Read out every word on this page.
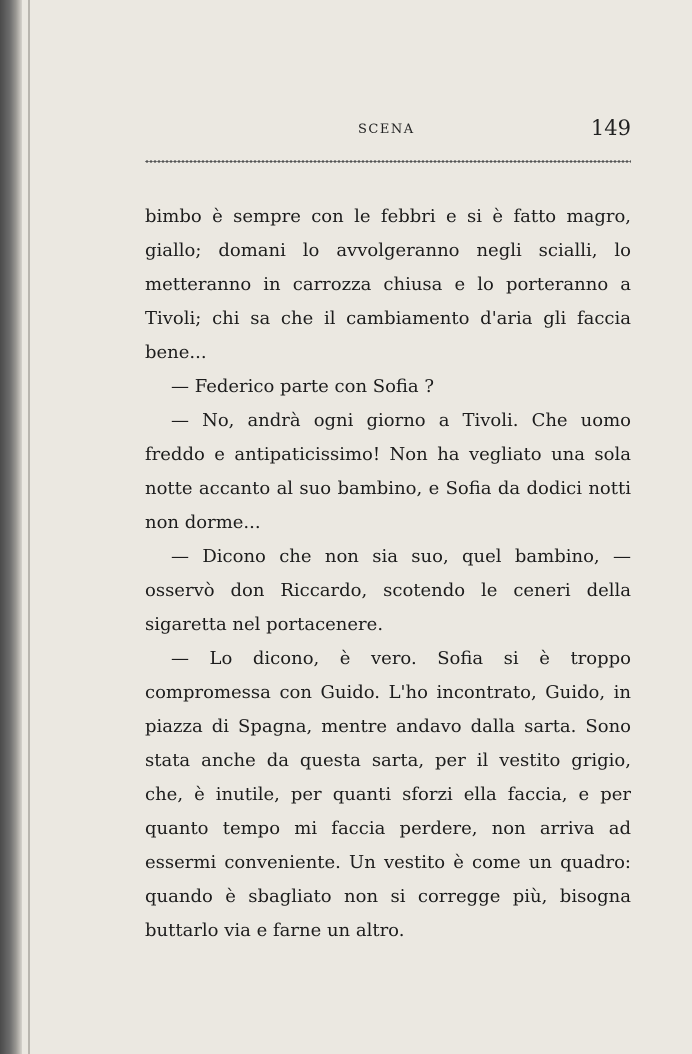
SCENA	149

bimbo è sempre con le febbri e si è fatto magro, giallo; domani lo avvolgeranno negli scialli, lo metteranno in carrozza chiusa e lo porteranno a Tivoli; chi sa che il cambiamento d'aria gli faccia bene...

— Federico parte con Sofia ?

— No, andrà ogni giorno a Tivoli. Che uomo freddo e antipaticissimo! Non ha vegliato una sola notte accanto al suo bambino, e Sofia da dodici notti non dorme...

— Dicono che non sia suo, quel bambino, — osservò don Riccardo, scotendo le ceneri della sigaretta nel portacenere.

— Lo dicono, è vero. Sofia si è troppo compromessa con Guido. L'ho incontrato, Guido, in piazza di Spagna, mentre andavo dalla sarta. Sono stata anche da questa sarta, per il vestito grigio, che, è inutile, per quanti sforzi ella faccia, e per quanto tempo mi faccia perdere, non arriva ad essermi conveniente. Un vestito è come un quadro: quando è sbagliato non si corregge più, bisogna buttarlo via e farne un altro.
